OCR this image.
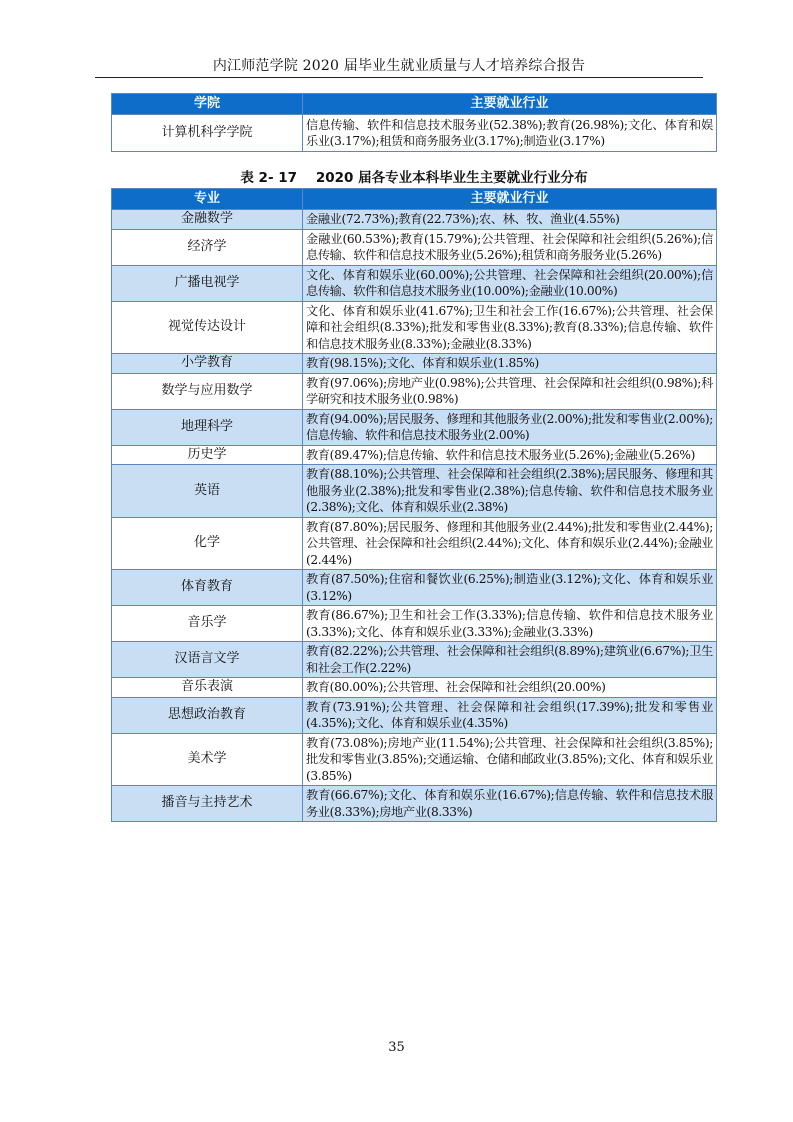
内江师范学院 2020 届毕业生就业质量与人才培养综合报告
学院	主要就业行业
计算机科学学院	信息传输、软件和信息技术服务业(52.38%);教育(26.98%);文化、体育和娱乐业(3.17%);租赁和商务服务业(3.17%);制造业(3.17%)
表 2- 17 2020 届各专业本科毕业生主要就业行业分布
专业	主要就业行业
金融数学	金融业(72.73%);教育(22.73%);农、林、牧、渔业(4.55%)
经济学	金融业(60.53%);教育(15.79%);公共管理、社会保障和社会组织(5.26%);信息传输、软件和信息技术服务业(5.26%);租赁和商务服务业(5.26%)
广播电视学	文化、体育和娱乐业(60.00%);公共管理、社会保障和社会组织(20.00%);信息传输、软件和信息技术服务业(10.00%);金融业(10.00%)
视觉传达设计	文化、体育和娱乐业(41.67%);卫生和社会工作(16.67%);公共管理、社会保障和社会组织(8.33%);批发和零售业(8.33%);教育(8.33%);信息传输、软件和信息技术服务业(8.33%);金融业(8.33%)
小学教育	教育(98.15%);文化、体育和娱乐业(1.85%)
数学与应用数学	教育(97.06%);房地产业(0.98%);公共管理、社会保障和社会组织(0.98%);科学研究和技术服务业(0.98%)
地理科学	教育(94.00%);居民服务、修理和其他服务业(2.00%);批发和零售业(2.00%);信息传输、软件和信息技术服务业(2.00%)
历史学	教育(89.47%);信息传输、软件和信息技术服务业(5.26%);金融业(5.26%)
英语	教育(88.10%);公共管理、社会保障和社会组织(2.38%);居民服务、修理和其他服务业(2.38%);批发和零售业(2.38%);信息传输、软件和信息技术服务业(2.38%);文化、体育和娱乐业(2.38%)
化学	教育(87.80%);居民服务、修理和其他服务业(2.44%);批发和零售业(2.44%);公共管理、社会保障和社会组织(2.44%);文化、体育和娱乐业(2.44%);金融业(2.44%)
体育教育	教育(87.50%);住宿和餐饮业(6.25%);制造业(3.12%);文化、体育和娱乐业(3.12%)
音乐学	教育(86.67%);卫生和社会工作(3.33%);信息传输、软件和信息技术服务业(3.33%);文化、体育和娱乐业(3.33%);金融业(3.33%)
汉语言文学	教育(82.22%);公共管理、社会保障和社会组织(8.89%);建筑业(6.67%);卫生和社会工作(2.22%)
音乐表演	教育(80.00%);公共管理、社会保障和社会组织(20.00%)
思想政治教育	教育(73.91%);公共管理、社会保障和社会组织(17.39%);批发和零售业(4.35%);文化、体育和娱乐业(4.35%)
美术学	教育(73.08%);房地产业(11.54%);公共管理、社会保障和社会组织(3.85%);批发和零售业(3.85%);交通运输、仓储和邮政业(3.85%);文化、体育和娱乐业(3.85%)
播音与主持艺术	教育(66.67%);文化、体育和娱乐业(16.67%);信息传输、软件和信息技术服务业(8.33%);房地产业(8.33%)
35
